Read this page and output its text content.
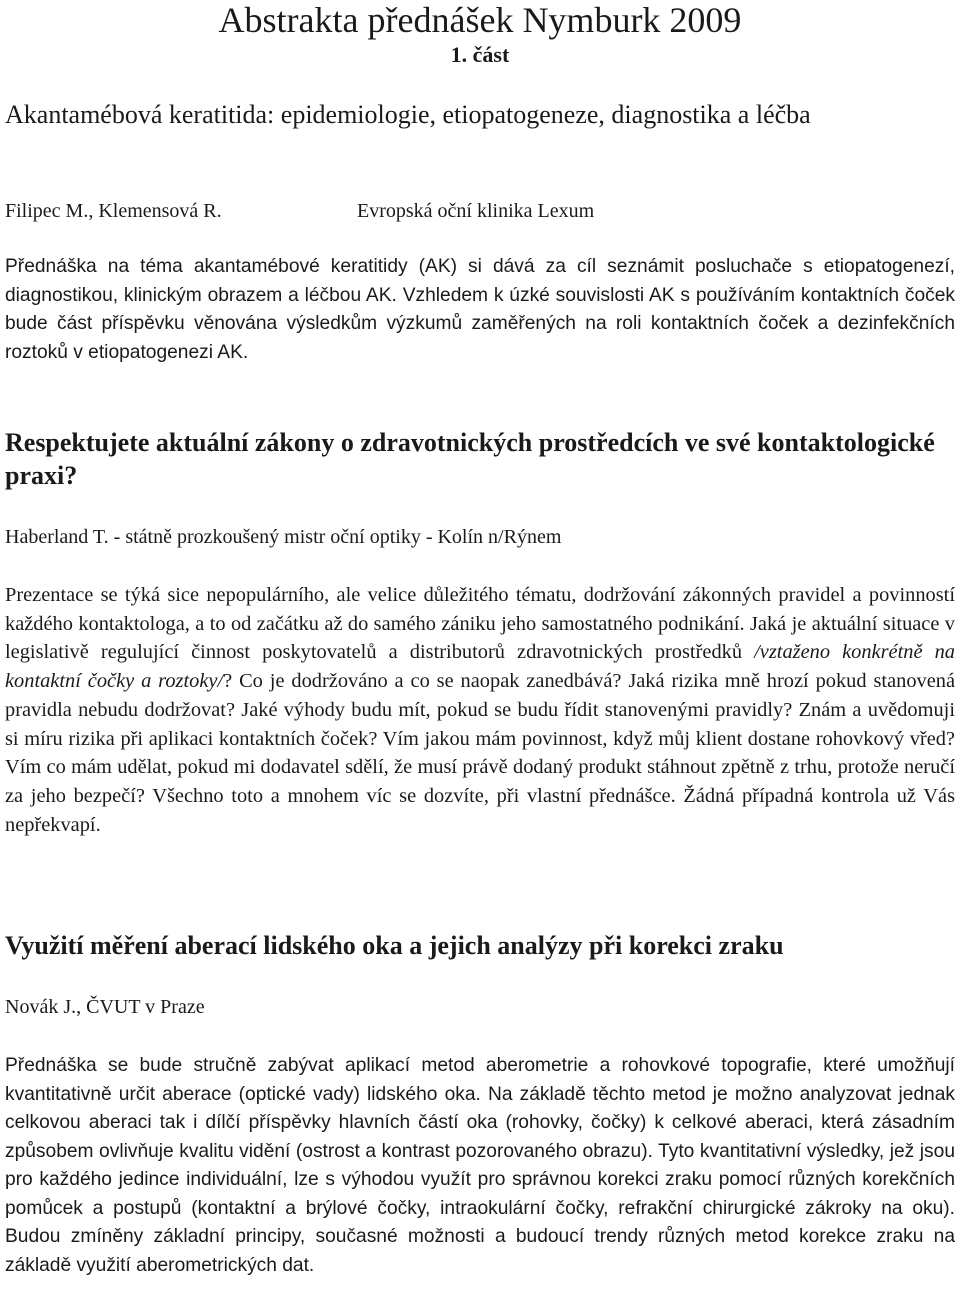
Abstrakta přednášek Nymburk 2009
1. část
Akantamébová keratitida: epidemiologie, etiopatogeneze, diagnostika a léčba
Filipec M., Klemensová R.	Evropská oční klinika Lexum

Přednáška na téma akantamébové keratitidy (AK) si dává za cíl seznámit posluchače s etiopatogenezí, diagnostikou, klinickým obrazem a léčbou AK. Vzhledem k úzké souvislosti AK s používáním kontaktních čoček bude část příspěvku věnována výsledkům výzkumů zaměřených na roli kontaktních čoček a dezinfekčních roztoků v etiopatogenezi AK.

Respektujete aktuální zákony o zdravotnických prostředcích ve své kontaktologické praxi?
Haberland T. - státně prozkoušený mistr oční optiky - Kolín n/Rýnem

Prezentace se týká sice nepopulárního, ale velice důležitého tématu, dodržování zákonných pravidel a povinností každého kontaktologa, a to od začátku až do samého zániku jeho samostatného podnikání. Jaká je aktuální situace v legislativě regulující činnost poskytovatelů a distributorů zdravotnických prostředků /vztaženo konkrétně na kontaktní čočky a roztoky/? Co je dodržováno a co se naopak zanedbává? Jaká rizika mně hrozí pokud stanovená pravidla nebudu dodržovat? Jaké výhody budu mít, pokud se budu řídit stanovenými pravidly? Znám a uvědomuji si míru rizika při aplikaci kontaktních čoček? Vím jakou mám povinnost, když můj klient dostane rohovkový vřed? Vím co mám udělat, pokud mi dodavatel sdělí, že musí právě dodaný produkt stáhnout zpětně z trhu, protože neručí za jeho bezpečí? Všechno toto a mnohem víc se dozvíte, při vlastní přednášce. Žádná případná kontrola už Vás nepřekvapí.

Využití měření aberací lidského oka a jejich analýzy při korekci zraku
Novák J., ČVUT v Praze

Přednáška se bude stručně zabývat aplikací metod aberometrie a rohovkové topografie, které umožňují kvantitativně určit aberace (optické vady) lidského oka. Na základě těchto metod je možno analyzovat jednak celkovou aberaci tak i dílčí příspěvky hlavních částí oka (rohovky, čočky) k celkové aberaci, která zásadním způsobem ovlivňuje kvalitu vidění (ostrost a kontrast pozorovaného obrazu). Tyto kvantitativní výsledky, jež jsou pro každého jedince individuální, lze s výhodou využít pro správnou korekci zraku pomocí různých korekčních pomůcek a postupů (kontaktní a brýlové čočky, intraokulární čočky, refrakční chirurgické zákroky na oku). Budou zmíněny základní principy, současné možnosti a budoucí trendy různých metod korekce zraku na základě využití aberometrických dat.
